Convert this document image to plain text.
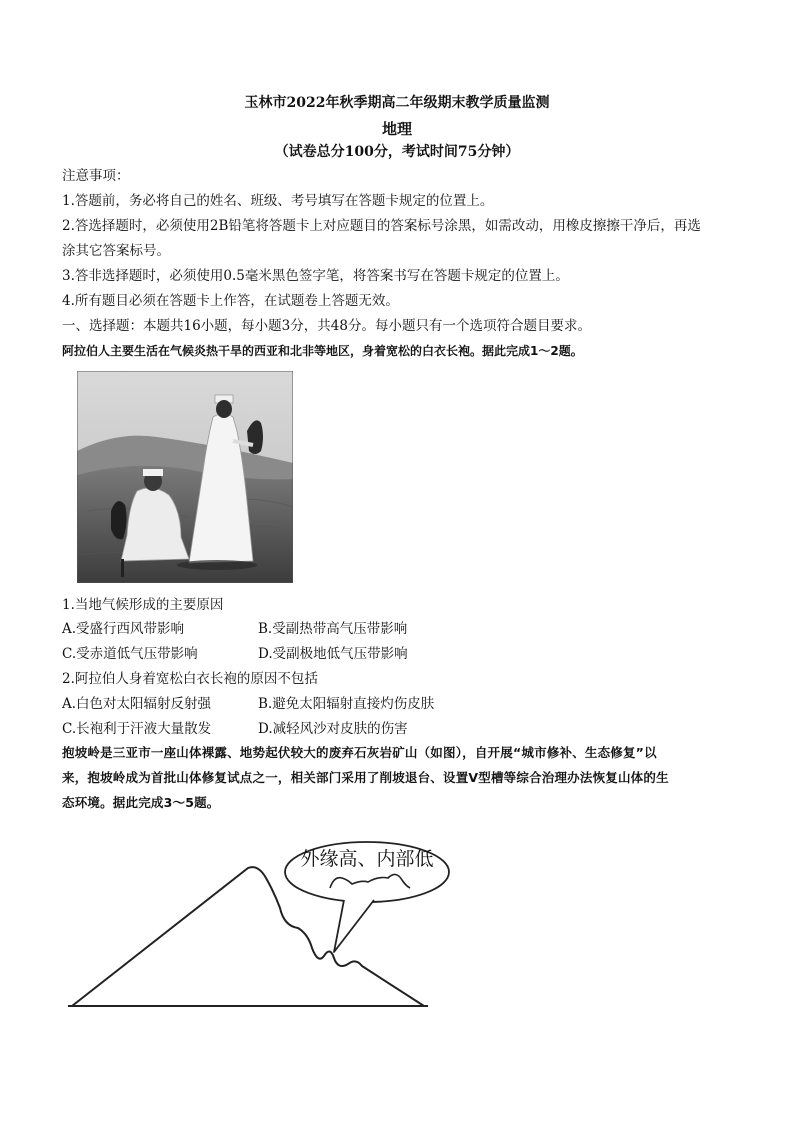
玉林市2022年秋季期高二年级期末教学质量监测
地理
（试卷总分100分，考试时间75分钟）
注意事项：
1.答题前，务必将自己的姓名、班级、考号填写在答题卡规定的位置上。
2.答选择题时，必须使用2B铅笔将答题卡上对应题目的答案标号涂黑，如需改动，用橡皮擦擦干净后，再选
涂其它答案标号。
3.答非选择题时，必须使用0.5毫米黑色签字笔，将答案书写在答题卡规定的位置上。
4.所有题目必须在答题卡上作答，在试题卷上答题无效。
一、选择题：本题共16小题，每小题3分，共48分。每小题只有一个选项符合题目要求。
阿拉伯人主要生活在气候炎热干旱的西亚和北非等地区，身着宽松的白衣长袍。据此完成1～2题。
1.当地气候形成的主要原因
A.受盛行西风带影响	B.受副热带高气压带影响
C.受赤道低气压带影响	D.受副极地低气压带影响
2.阿拉伯人身着宽松白衣长袍的原因不包括
A.白色对太阳辐射反射强	B.避免太阳辐射直接灼伤皮肤
C.长袍利于汗液大量散发	D.减轻风沙对皮肤的伤害
抱坡岭是三亚市一座山体裸露、地势起伏较大的废弃石灰岩矿山（如图），自开展“城市修补、生态修复”以
来，抱坡岭成为首批山体修复试点之一，相关部门采用了削坡退台、设置V型槽等综合治理办法恢复山体的生
态环境。据此完成3～5题。
外缘高、内部低
